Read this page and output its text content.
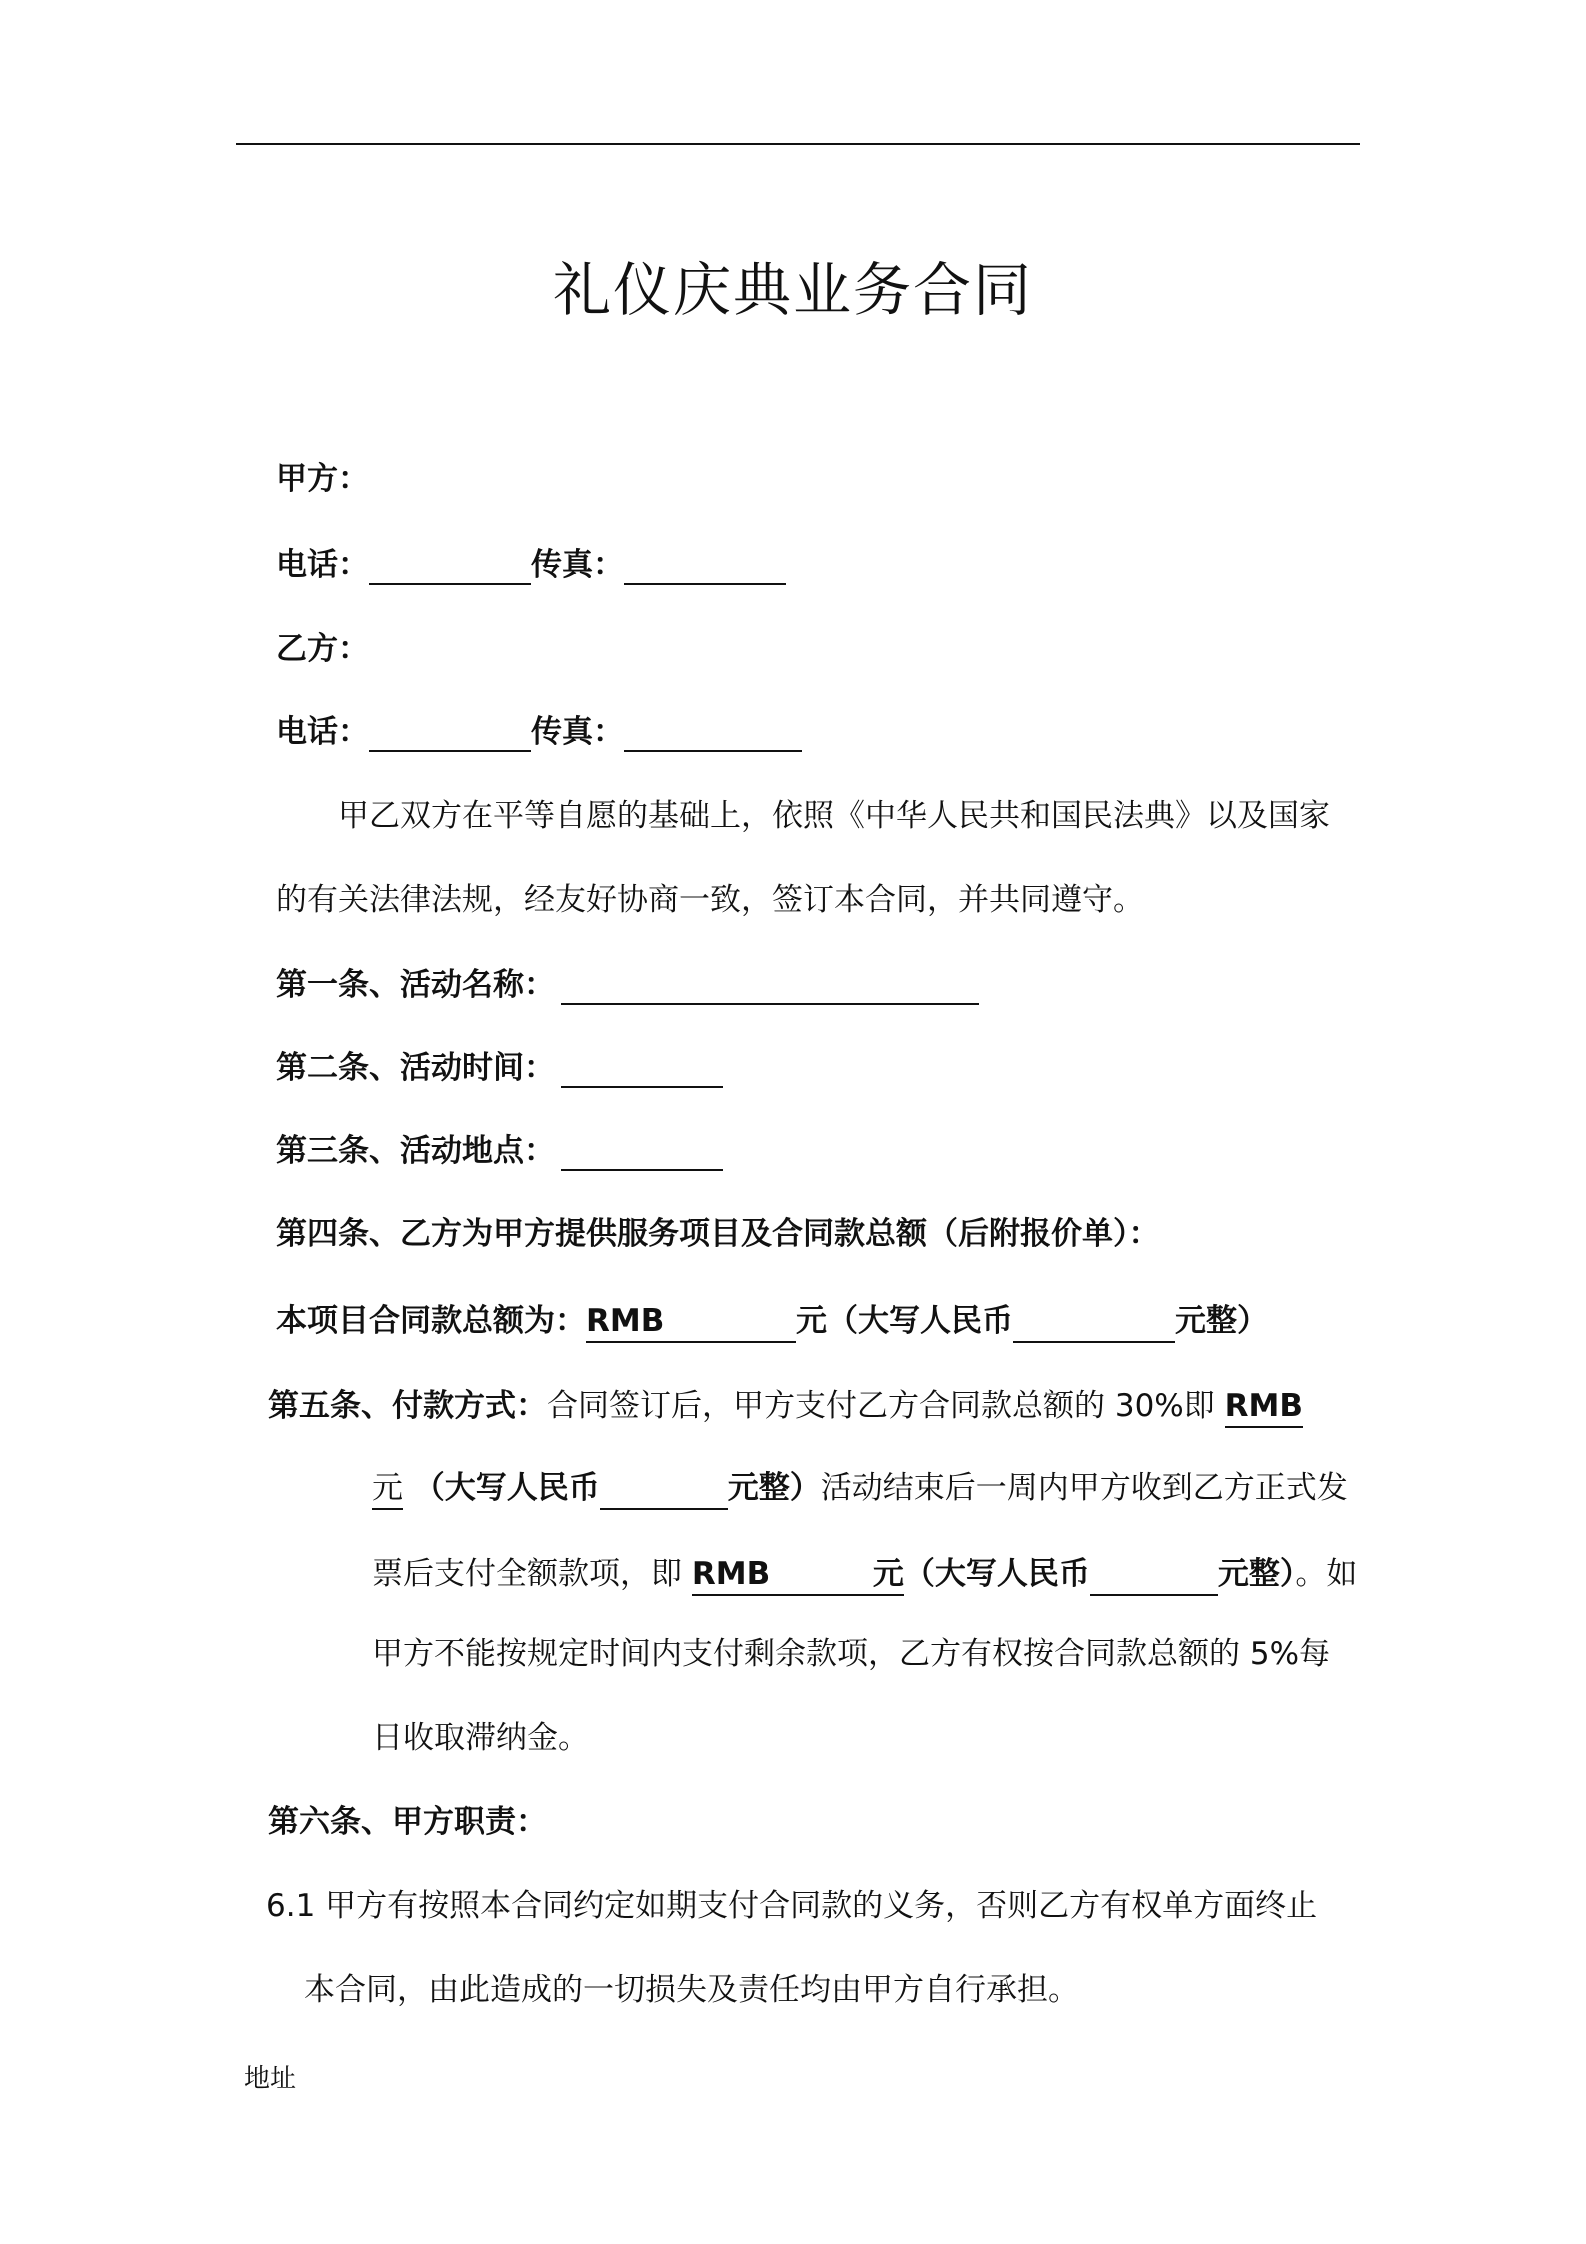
礼仪庆典业务合同
甲方：
电话：	传真：
乙方：
电话：	传真：
甲乙双方在平等自愿的基础上，依照《中华人民共和国民法典》以及国家
的有关法律法规，经友好协商一致，签订本合同，并共同遵守。
第一条、活动名称：
第二条、活动时间：
第三条、活动地点：
第四条、乙方为甲方提供服务项目及合同款总额（后附报价单）：
本项目合同款总额为：RMB	元（大写人民币	元整）
第五条、付款方式：合同签订后，甲方支付乙方合同款总额的 30%即 RMB
元 （大写人民币	元整）活动结束后一周内甲方收到乙方正式发
票后支付全额款项，即 RMB	元 （大写人民币	元整）。如
甲方不能按规定时间内支付剩余款项，乙方有权按合同款总额的 5%每
日收取滞纳金。
第六条、甲方职责：
6.1 甲方有按照本合同约定如期支付合同款的义务，否则乙方有权单方面终止
本合同，由此造成的一切损失及责任均由甲方自行承担。
地址
